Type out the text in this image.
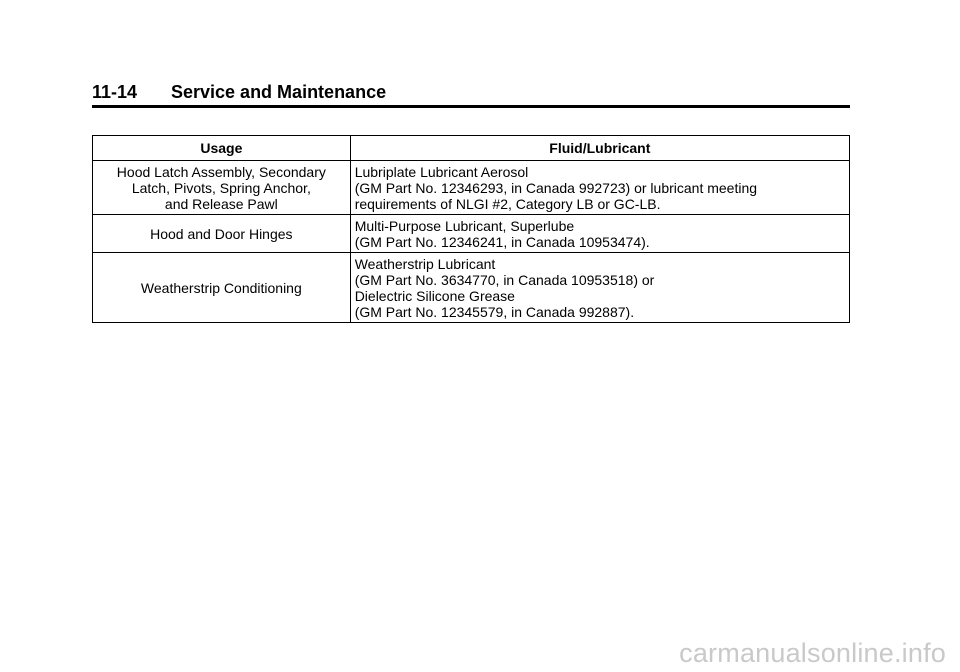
11-14 Service and Maintenance
Usage	Fluid/Lubricant

Hood Latch Assembly, Secondary
Latch, Pivots, Spring Anchor,
and Release Pawl	Lubriplate Lubricant Aerosol
(GM Part No. 12346293, in Canada 992723) or lubricant meeting
requirements of NLGI #2, Category LB or GC-LB.

Hood and Door Hinges	Multi-Purpose Lubricant, Superlube
(GM Part No. 12346241, in Canada 10953474).

Weatherstrip Conditioning	Weatherstrip Lubricant
(GM Part No. 3634770, in Canada 10953518) or
Dielectric Silicone Grease
(GM Part No. 12345579, in Canada 992887).
carmanualsonline.info
